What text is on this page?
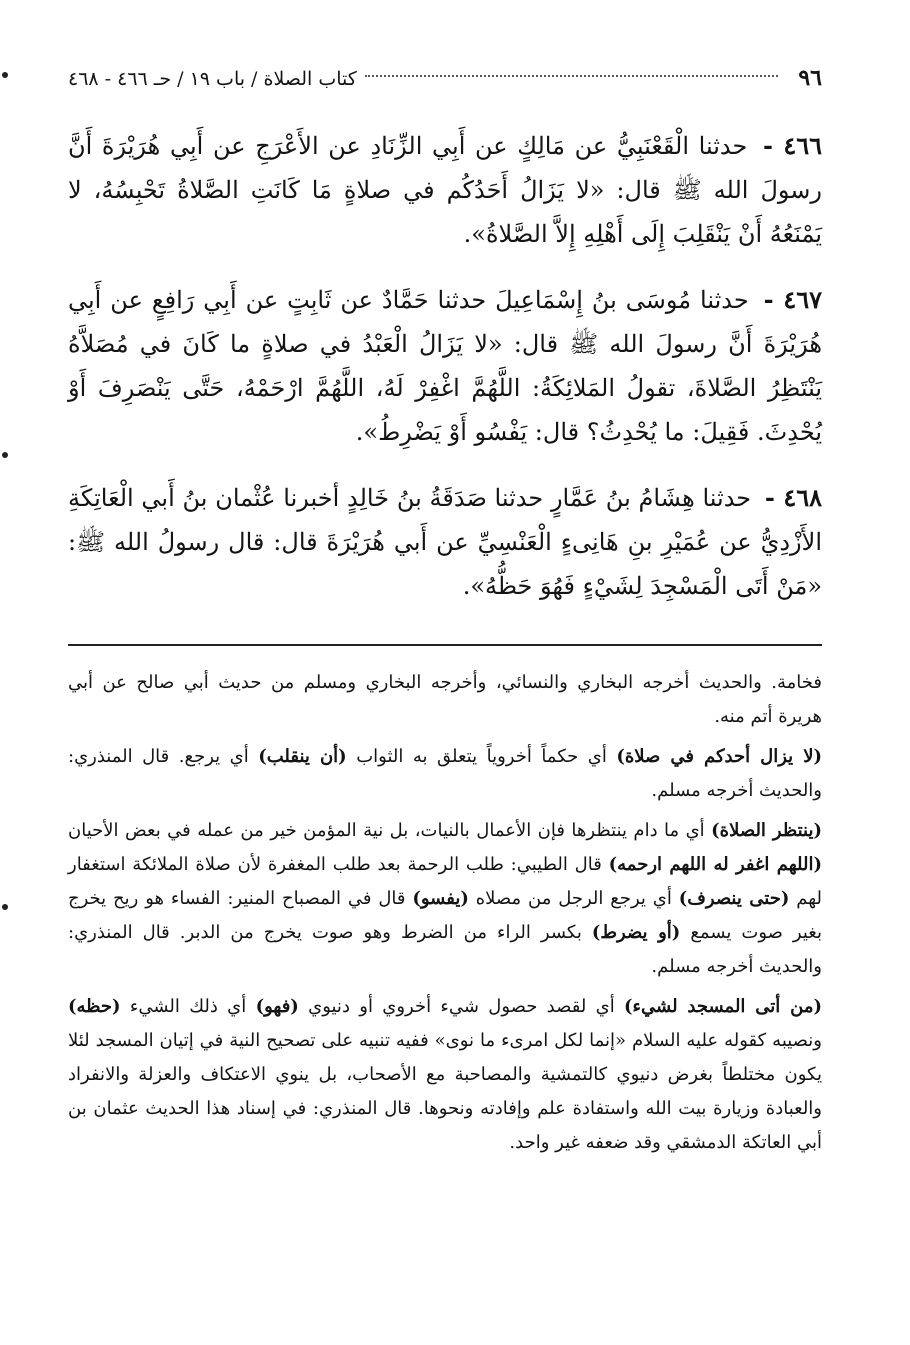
٩٦
كتاب الصلاة / باب ١٩ / حـ ٤٦٦ - ٤٦٨

٤٦٦ - حدثنا الْقَعْنَبِيُّ عن مَالِكٍ عن أَبِي الزِّنَادِ عن الأَعْرَجِ عن أَبِي هُرَيْرَةَ أَنَّ رسولَ الله ﷺ قال: «لا يَزَالُ أَحَدُكُم في صلاةٍ مَا كَانَتِ الصَّلاةُ تَحْبِسُهُ، لا يَمْنَعُهُ أَنْ يَنْقَلِبَ إِلَى أَهْلِهِ إِلاَّ الصَّلاةُ».

٤٦٧ - حدثنا مُوسَى بنُ إِسْمَاعِيلَ حدثنا حَمَّادٌ عن ثَابِتٍ عن أَبِي رَافِعٍ عن أَبِي هُرَيْرَةَ أَنَّ رسولَ الله ﷺ قال: «لا يَزَالُ الْعَبْدُ في صلاةٍ ما كَانَ في مُصَلاَّهُ يَنْتَظِرُ الصَّلاةَ، تقولُ المَلائِكَةُ: اللَّهُمَّ اغْفِرْ لَهُ، اللَّهُمَّ ارْحَمْهُ، حَتَّى يَنْصَرِفَ أَوْ يُحْدِثَ. فَقِيلَ: ما يُحْدِثُ؟ قال: يَفْسُو أَوْ يَضْرِطُ».

٤٦٨ - حدثنا هِشَامُ بنُ عَمَّارٍ حدثنا صَدَقَةُ بنُ خَالِدٍ أخبرنا عُثْمان بنُ أَبي الْعَاتِكَةِ الأَزْدِيُّ عن عُمَيْرِ بنِ هَانِىءٍ الْعَنْسِيِّ عن أَبي هُرَيْرَةَ قال: قال رسولُ الله ﷺ: «مَنْ أَتَى الْمَسْجِدَ لِشَيْءٍ فَهُوَ حَظُّهُ».

فخامة. والحديث أخرجه البخاري والنسائي، وأخرجه البخاري ومسلم من حديث أبي صالح عن أبي هريرة أتم منه.

(لا يزال أحدكم في صلاة) أي حكماً أخروياً يتعلق به الثواب (أن ينقلب) أي يرجع. قال المنذري: والحديث أخرجه مسلم.

(ينتظر الصلاة) أي ما دام ينتظرها فإن الأعمال بالنيات، بل نية المؤمن خير من عمله في بعض الأحيان (اللهم اغفر له اللهم ارحمه) قال الطيبي: طلب الرحمة بعد طلب المغفرة لأن صلاة الملائكة استغفار لهم (حتى ينصرف) أي يرجع الرجل من مصلاه (يفسو) قال في المصباح المنير: الفساء هو ريح يخرج بغير صوت يسمع (أو يضرط) بكسر الراء من الضرط وهو صوت يخرج من الدبر. قال المنذري: والحديث أخرجه مسلم.

(من أتى المسجد لشيء) أي لقصد حصول شيء أخروي أو دنيوي (فهو) أي ذلك الشيء (حظه) ونصيبه كقوله عليه السلام «إنما لكل امرىء ما نوى» ففيه تنبيه على تصحيح النية في إتيان المسجد لئلا يكون مختلطاً بغرض دنيوي كالتمشية والمصاحبة مع الأصحاب، بل ينوي الاعتكاف والعزلة والانفراد والعبادة وزيارة بيت الله واستفادة علم وإفادته ونحوها. قال المنذري: في إسناد هذا الحديث عثمان بن أبي العاتكة الدمشقي وقد ضعفه غير واحد.
